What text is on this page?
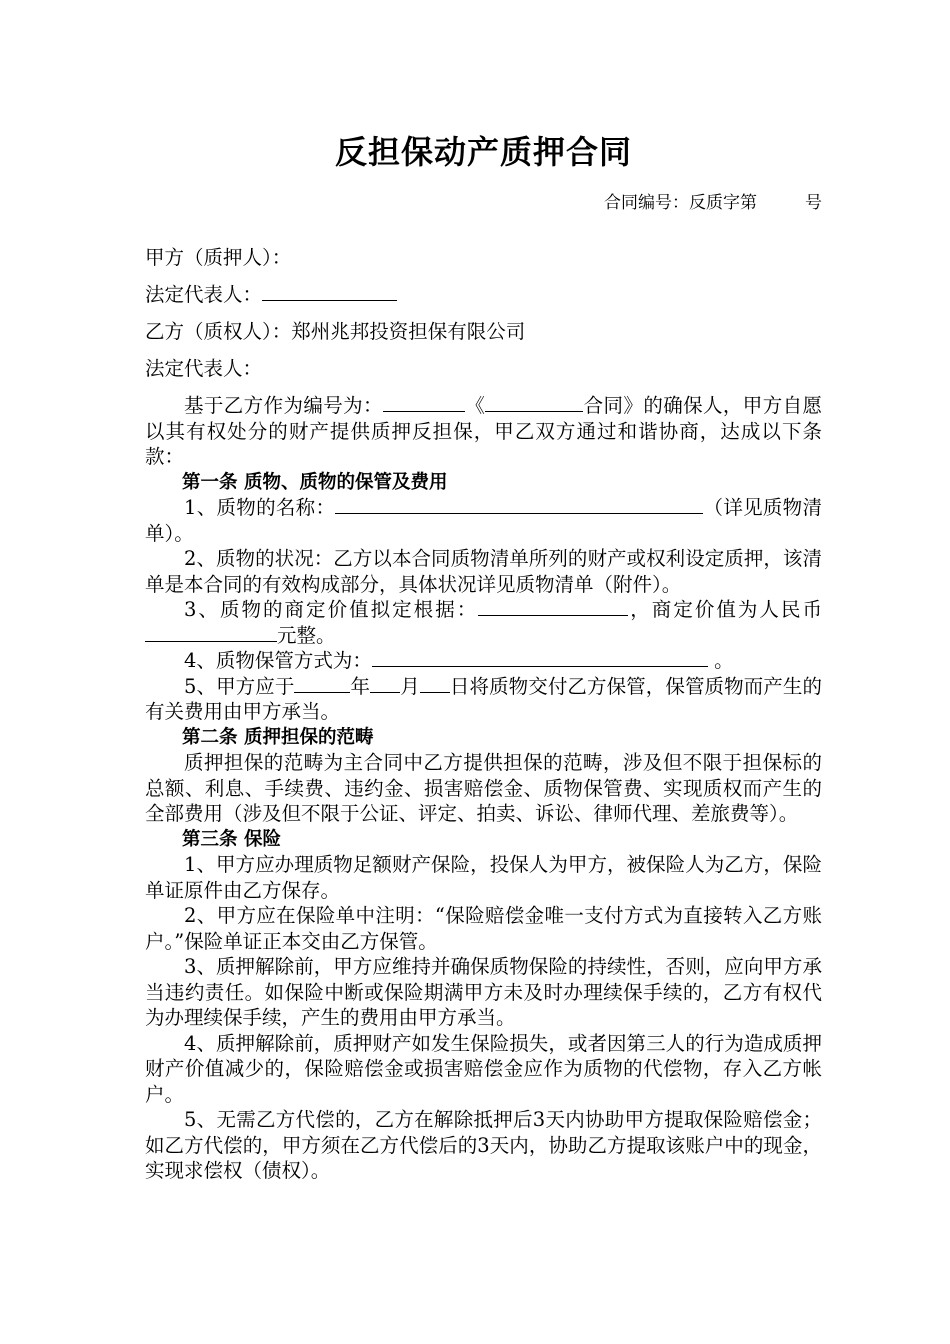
反担保动产质押合同
合同编号：反质字第	号

甲方（质押人）：

法定代表人：

乙方（质权人）：郑州兆邦投资担保有限公司

法定代表人：

基于乙方作为编号为：	《	合同》的确保人，甲方自愿以其有权处分的财产提供质押反担保，甲乙双方通过和谐协商，达成以下条款：

第一条 质物、质物的保管及费用

1、质物的名称：	（详见质物清单）。

2、质物的状况：乙方以本合同质物清单所列的财产或权利设定质押，该清单是本合同的有效构成部分，具体状况详见质物清单（附件）。

3、质物的商定价值拟定根据：	，商定价值为人民币元整。

4、质物保管方式为：	。

5、甲方应于	年 月 日将质物交付乙方保管，保管质物而产生的有关费用由甲方承当。

第二条 质押担保的范畴

质押担保的范畴为主合同中乙方提供担保的范畴，涉及但不限于担保标的总额、利息、手续费、违约金、损害赔偿金、质物保管费、实现质权而产生的全部费用（涉及但不限于公证、评定、拍卖、诉讼、律师代理、差旅费等）。

第三条 保险

1、甲方应办理质物足额财产保险，投保人为甲方，被保险人为乙方，保险单证原件由乙方保存。

2、甲方应在保险单中注明：“保险赔偿金唯一支付方式为直接转入乙方账户。”保险单证正本交由乙方保管。

3、质押解除前，甲方应维持并确保质物保险的持续性，否则，应向甲方承当违约责任。如保险中断或保险期满甲方未及时办理续保手续的，乙方有权代为办理续保手续，产生的费用由甲方承当。

4、质押解除前，质押财产如发生保险损失，或者因第三人的行为造成质押财产价值减少的，保险赔偿金或损害赔偿金应作为质物的代偿物，存入乙方帐户。

5、无需乙方代偿的，乙方在解除抵押后3天内协助甲方提取保险赔偿金；如乙方代偿的，甲方须在乙方代偿后的3天内，协助乙方提取该账户中的现金，实现求偿权（债权）。
